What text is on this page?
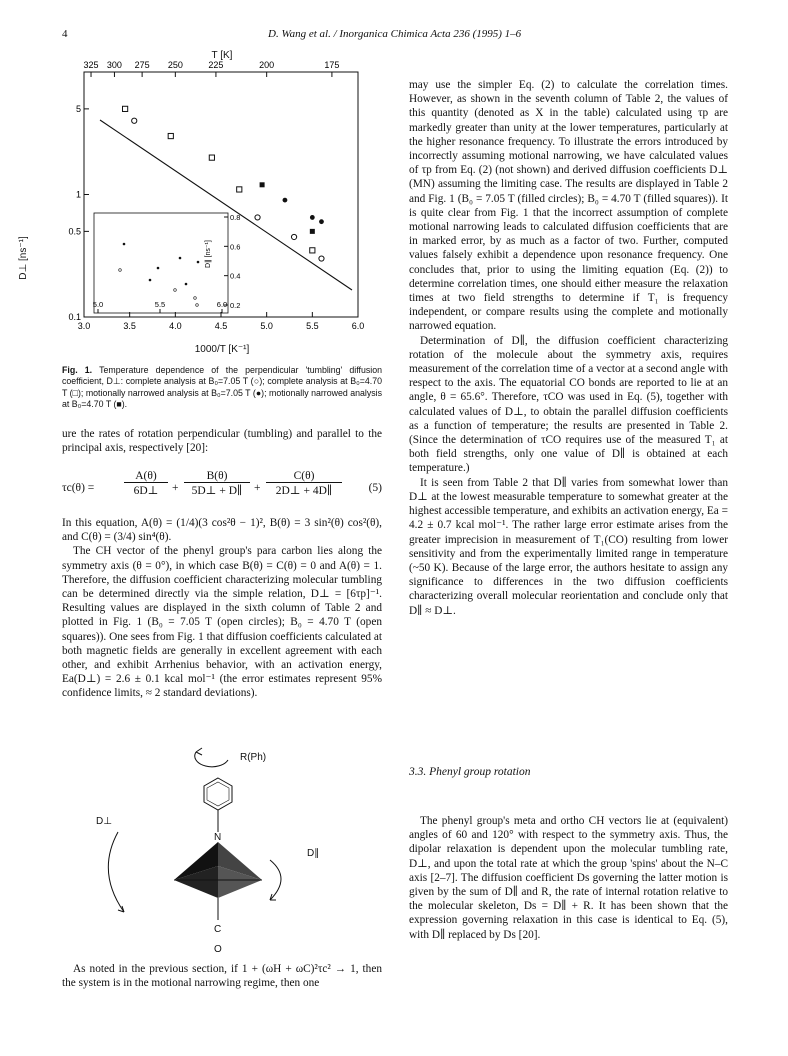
4	D. Wang et al. / Inorganica Chimica Acta 236 (1995) 1–6
T [K]
1000/T [K⁻¹]
D⊥ [ns⁻¹]
325 300 275 250	225	200	175
3.0	3.5	4.0	4.5	5.0	5.5	6.0
5
1
0.5
0.1
5.0	5.5	6.0
0.8
0.6
0.4
0.2
D∥ [ns⁻¹]
Fig. 1. Temperature dependence of the perpendicular 'tumbling' diffusion coefficient, D⊥: complete analysis at B₀=7.05 T (○); complete analysis at B₀=4.70 T (□); motionally narrowed analysis at B₀=7.05 T (●); motionally narrowed analysis at B₀=4.70 T (■).

ure the rates of rotation perpendicular (tumbling) and parallel to the principal axis, respectively [20]:

τc(θ) =	$\frac{A(\theta)}{6D\perp} + \frac{B(\theta)}{5D\perp + D\parallel} + \frac{C(\theta)}{2D\perp + 4D\parallel} (5)$

In this equation, A(θ) = (1/4)(3 cos²θ − 1)², B(θ) = 3 sin²(θ) cos²(θ), and C(θ) = (3/4) sin⁴(θ).

The CH vector of the phenyl group's para carbon lies along the symmetry axis (θ = 0°), in which case B(θ) = C(θ) = 0 and A(θ) = 1. Therefore, the diffusion coefficient characterizing molecular tumbling can be determined directly via the simple relation, D⊥ = [6τp]⁻¹. Resulting values are displayed in the sixth column of Table 2 and plotted in Fig. 1 (B₀ = 7.05 T (open circles); B₀ = 4.70 T (open squares)). One sees from Fig. 1 that diffusion coefficients calculated at both magnetic fields are generally in excellent agreement with each other, and exhibit Arrhenius behavior, with an activation energy, Ea(D⊥) = 2.6 ± 0.1 kcal mol⁻¹ (the error estimates represent 95% confidence limits, ≈ 2 standard deviations).

R(Ph)
D⊥
D∥
N
C
O

As noted in the previous section, if 1 + (ωH + ωC)²τc² → 1, then the system is in the motional narrowing regime, then one

may use the simpler Eq. (2) to calculate the correlation times. However, as shown in the seventh column of Table 2, the values of this quantity (denoted as X in the table) calculated using τp are markedly greater than unity at the lower temperatures, particularly at the higher resonance frequency. To illustrate the errors introduced by incorrectly assuming motional narrowing, we have calculated values of τp from Eq. (2) (not shown) and derived diffusion coefficients D⊥ (MN) assuming the limiting case. The results are displayed in Table 2 and Fig. 1 (B₀ = 7.05 T (filled circles); B₀ = 4.70 T (filled squares)). It is quite clear from Fig. 1 that the incorrect assumption of complete motional narrowing leads to calculated diffusion coefficients that are in marked error, by as much as a factor of two. Further, computed values falsely exhibit a dependence upon resonance frequency. One concludes that, prior to using the limiting equation (Eq. (2)) to determine correlation times, one should either measure the relaxation times at two field strengths to determine if T₁ is frequency independent, or compare results using the complete and motionally narrowed equation.

Determination of D∥, the diffusion coefficient characterizing rotation of the molecule about the symmetry axis, requires measurement of the correlation time of a vector at a second angle with respect to the axis. The equatorial CO bonds are reported to lie at an angle, θ = 65.6°. Therefore, τCO was used in Eq. (5), together with calculated values of D⊥, to obtain the parallel diffusion coefficients as a function of temperature; the results are presented in Table 2. (Since the determination of τCO requires use of the measured T₁ at both field strengths, only one value of D∥ is obtained at each temperature.)

It is seen from Table 2 that D∥ varies from somewhat lower than D⊥ at the lowest measurable temperature to somewhat greater at the highest accessible temperature, and exhibits an activation energy, Ea = 4.2 ± 0.7 kcal mol⁻¹. The rather large error estimate arises from the greater imprecision in measurement of T₁(CO) resulting from lower sensitivity and from the experimentally limited range in temperature (~50 K). Because of the large error, the authors hesitate to assign any significance to differences in the two diffusion coefficients characterizing overall molecular reorientation and conclude only that D∥ ≈ D⊥.

3.3. Phenyl group rotation

The phenyl group's meta and ortho CH vectors lie at (equivalent) angles of 60 and 120° with respect to the symmetry axis. Thus, the dipolar relaxation is dependent upon the molecular tumbling rate, D⊥, and upon the total rate at which the group 'spins' about the N–C axis [2–7]. The diffusion coefficient Ds governing the latter motion is given by the sum of D∥ and R, the rate of internal rotation relative to the molecular skeleton, Ds = D∥ + R. It has been shown that the expression governing relaxation in this case is identical to Eq. (5), with D∥ replaced by Ds [20].
